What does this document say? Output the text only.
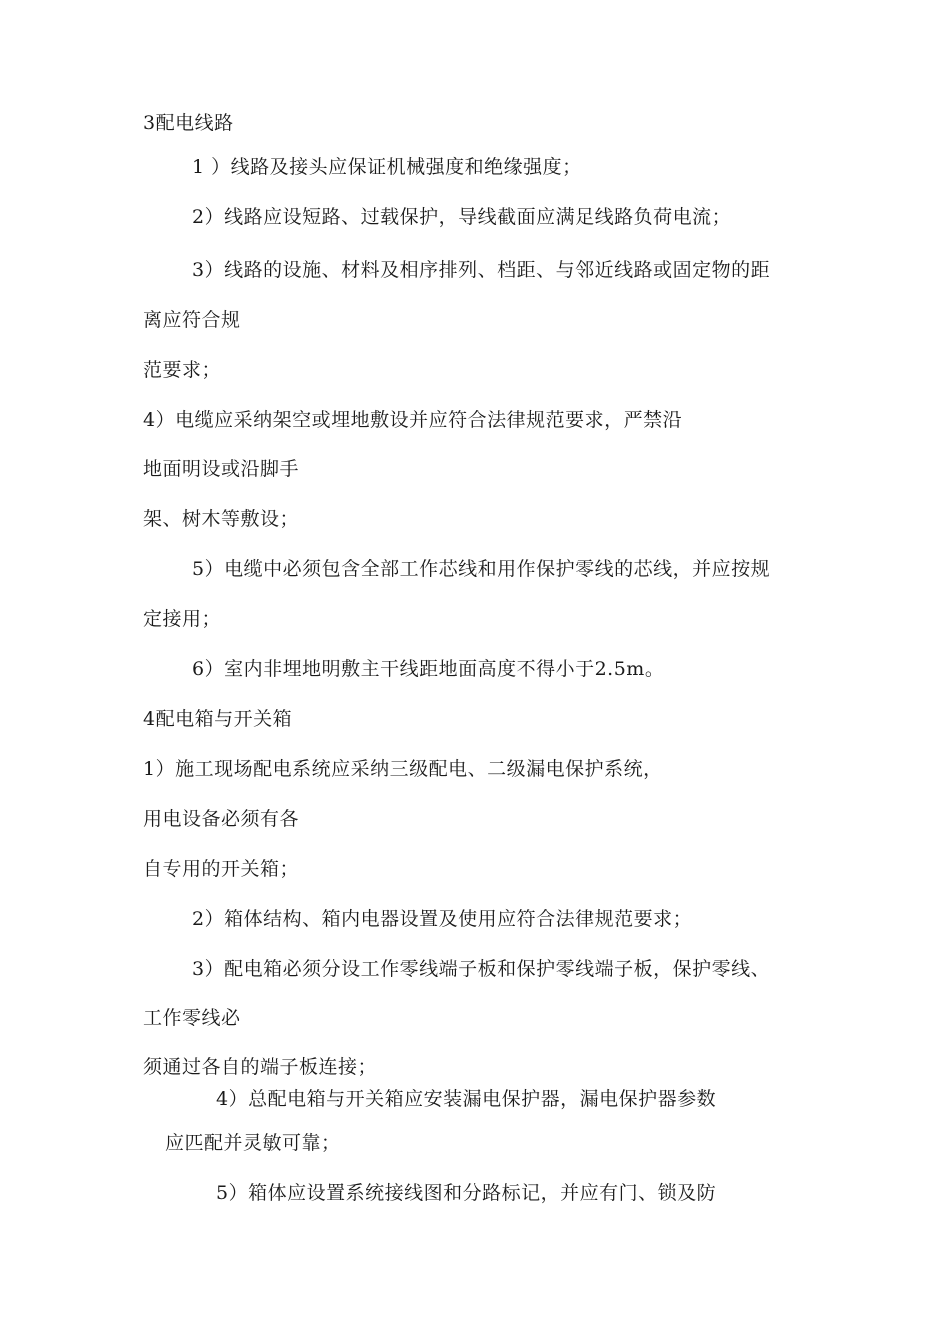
3配电线路
1 ）线路及接头应保证机械强度和绝缘强度；
2）线路应设短路、过载保护，导线截面应满足线路负荷电流；
3）线路的设施、材料及相序排列、档距、与邻近线路或固定物的距
离应符合规
范要求；
4）电缆应采纳架空或埋地敷设并应符合法律规范要求，严禁沿
地面明设或沿脚手
架、树木等敷设；
5）电缆中必须包含全部工作芯线和用作保护零线的芯线，并应按规
定接用；
6）室内非埋地明敷主干线距地面高度不得小于2.5m。
4配电箱与开关箱
1）施工现场配电系统应采纳三级配电、二级漏电保护系统，
用电设备必须有各
自专用的开关箱；
2）箱体结构、箱内电器设置及使用应符合法律规范要求；
3）配电箱必须分设工作零线端子板和保护零线端子板，保护零线、
工作零线必
须通过各自的端子板连接；
4）总配电箱与开关箱应安装漏电保护器，漏电保护器参数
应匹配并灵敏可靠；
5）箱体应设置系统接线图和分路标记，并应有门、锁及防
